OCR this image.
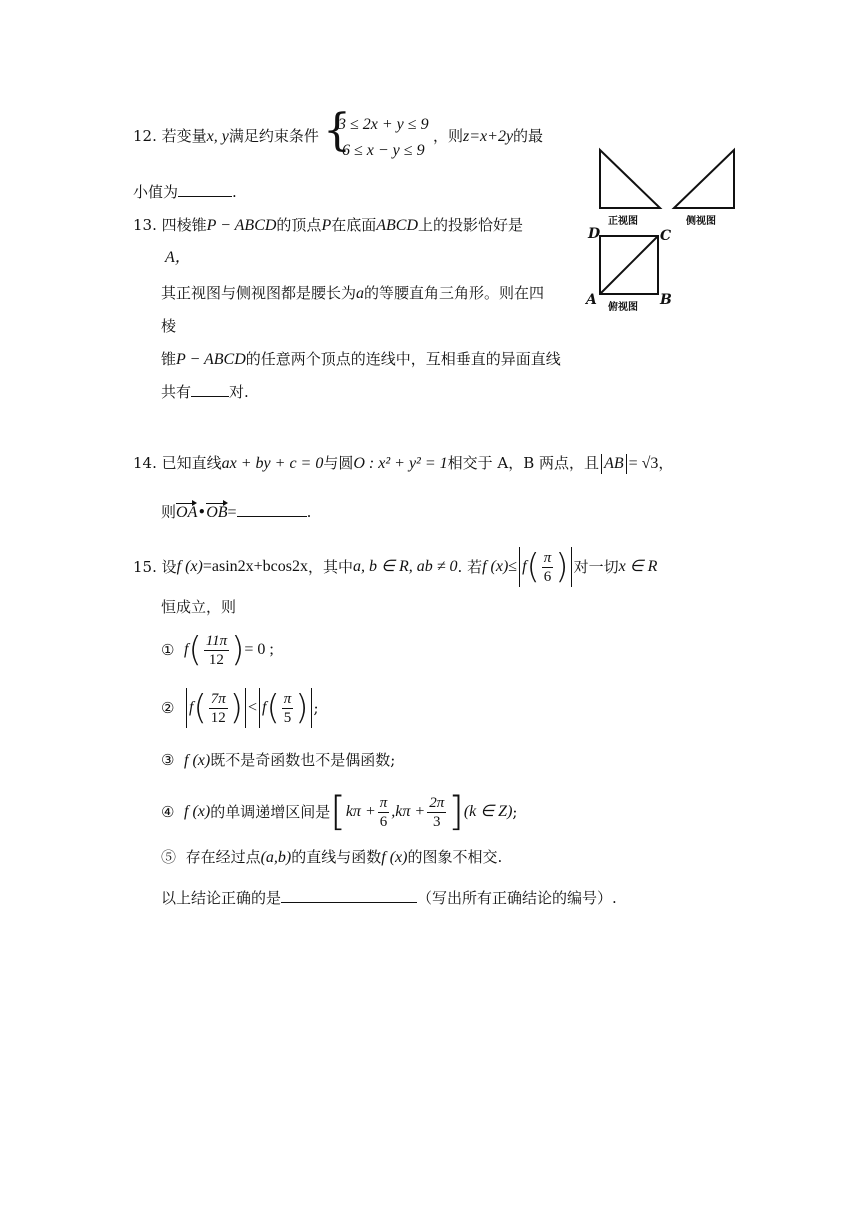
12. 若变量x, y满足约束条件 {
3 ≤ 2x + y ≤ 9
6 ≤ x − y ≤ 9
，则z=x+2y的最
小值为	.
正视图	侧视图
俯视图
D	C
A	B
13. 四棱锥P − ABCD的顶点P在底面ABCD上的投影恰好是
A，
其正视图与侧视图都是腰长为a的等腰直角三角形。则在四
棱
锥P − ABCD的任意两个顶点的连线中，互相垂直的异面直线
共有	对.
14. 已知直线ax + by + c = 0与圆O : x² + y² = 1相交于 A，B 两点，且 AB = √3，
则OA•OB=	.
15.
设 f (x) =asin2x+bcos2x ，其中 a, b ∈ R, ab ≠ 0 . 若 f (x) ≤ f ( $\frac{\pi}{6}$ ) 对一切 x ∈ R
恒成立，则
①
f ( $\frac{11\pi}{12}$ ) = 0 ;
②
f ( $\frac{7\pi}{12}$ ) < f ( $\frac{\pi}{5}$ ) ;
③ f (x)既不是奇函数也不是偶函数;
④
f (x) 的单调递增区间是 [ $k\pi + \frac{\pi}{6} ,k\pi + \frac{2\pi}{3}$ ] (k ∈ Z) ;
⑤ 存在经过点(a,b)的直线与函数f (x)的图象不相交.
以上结论正确的是	（写出所有正确结论的编号）.
